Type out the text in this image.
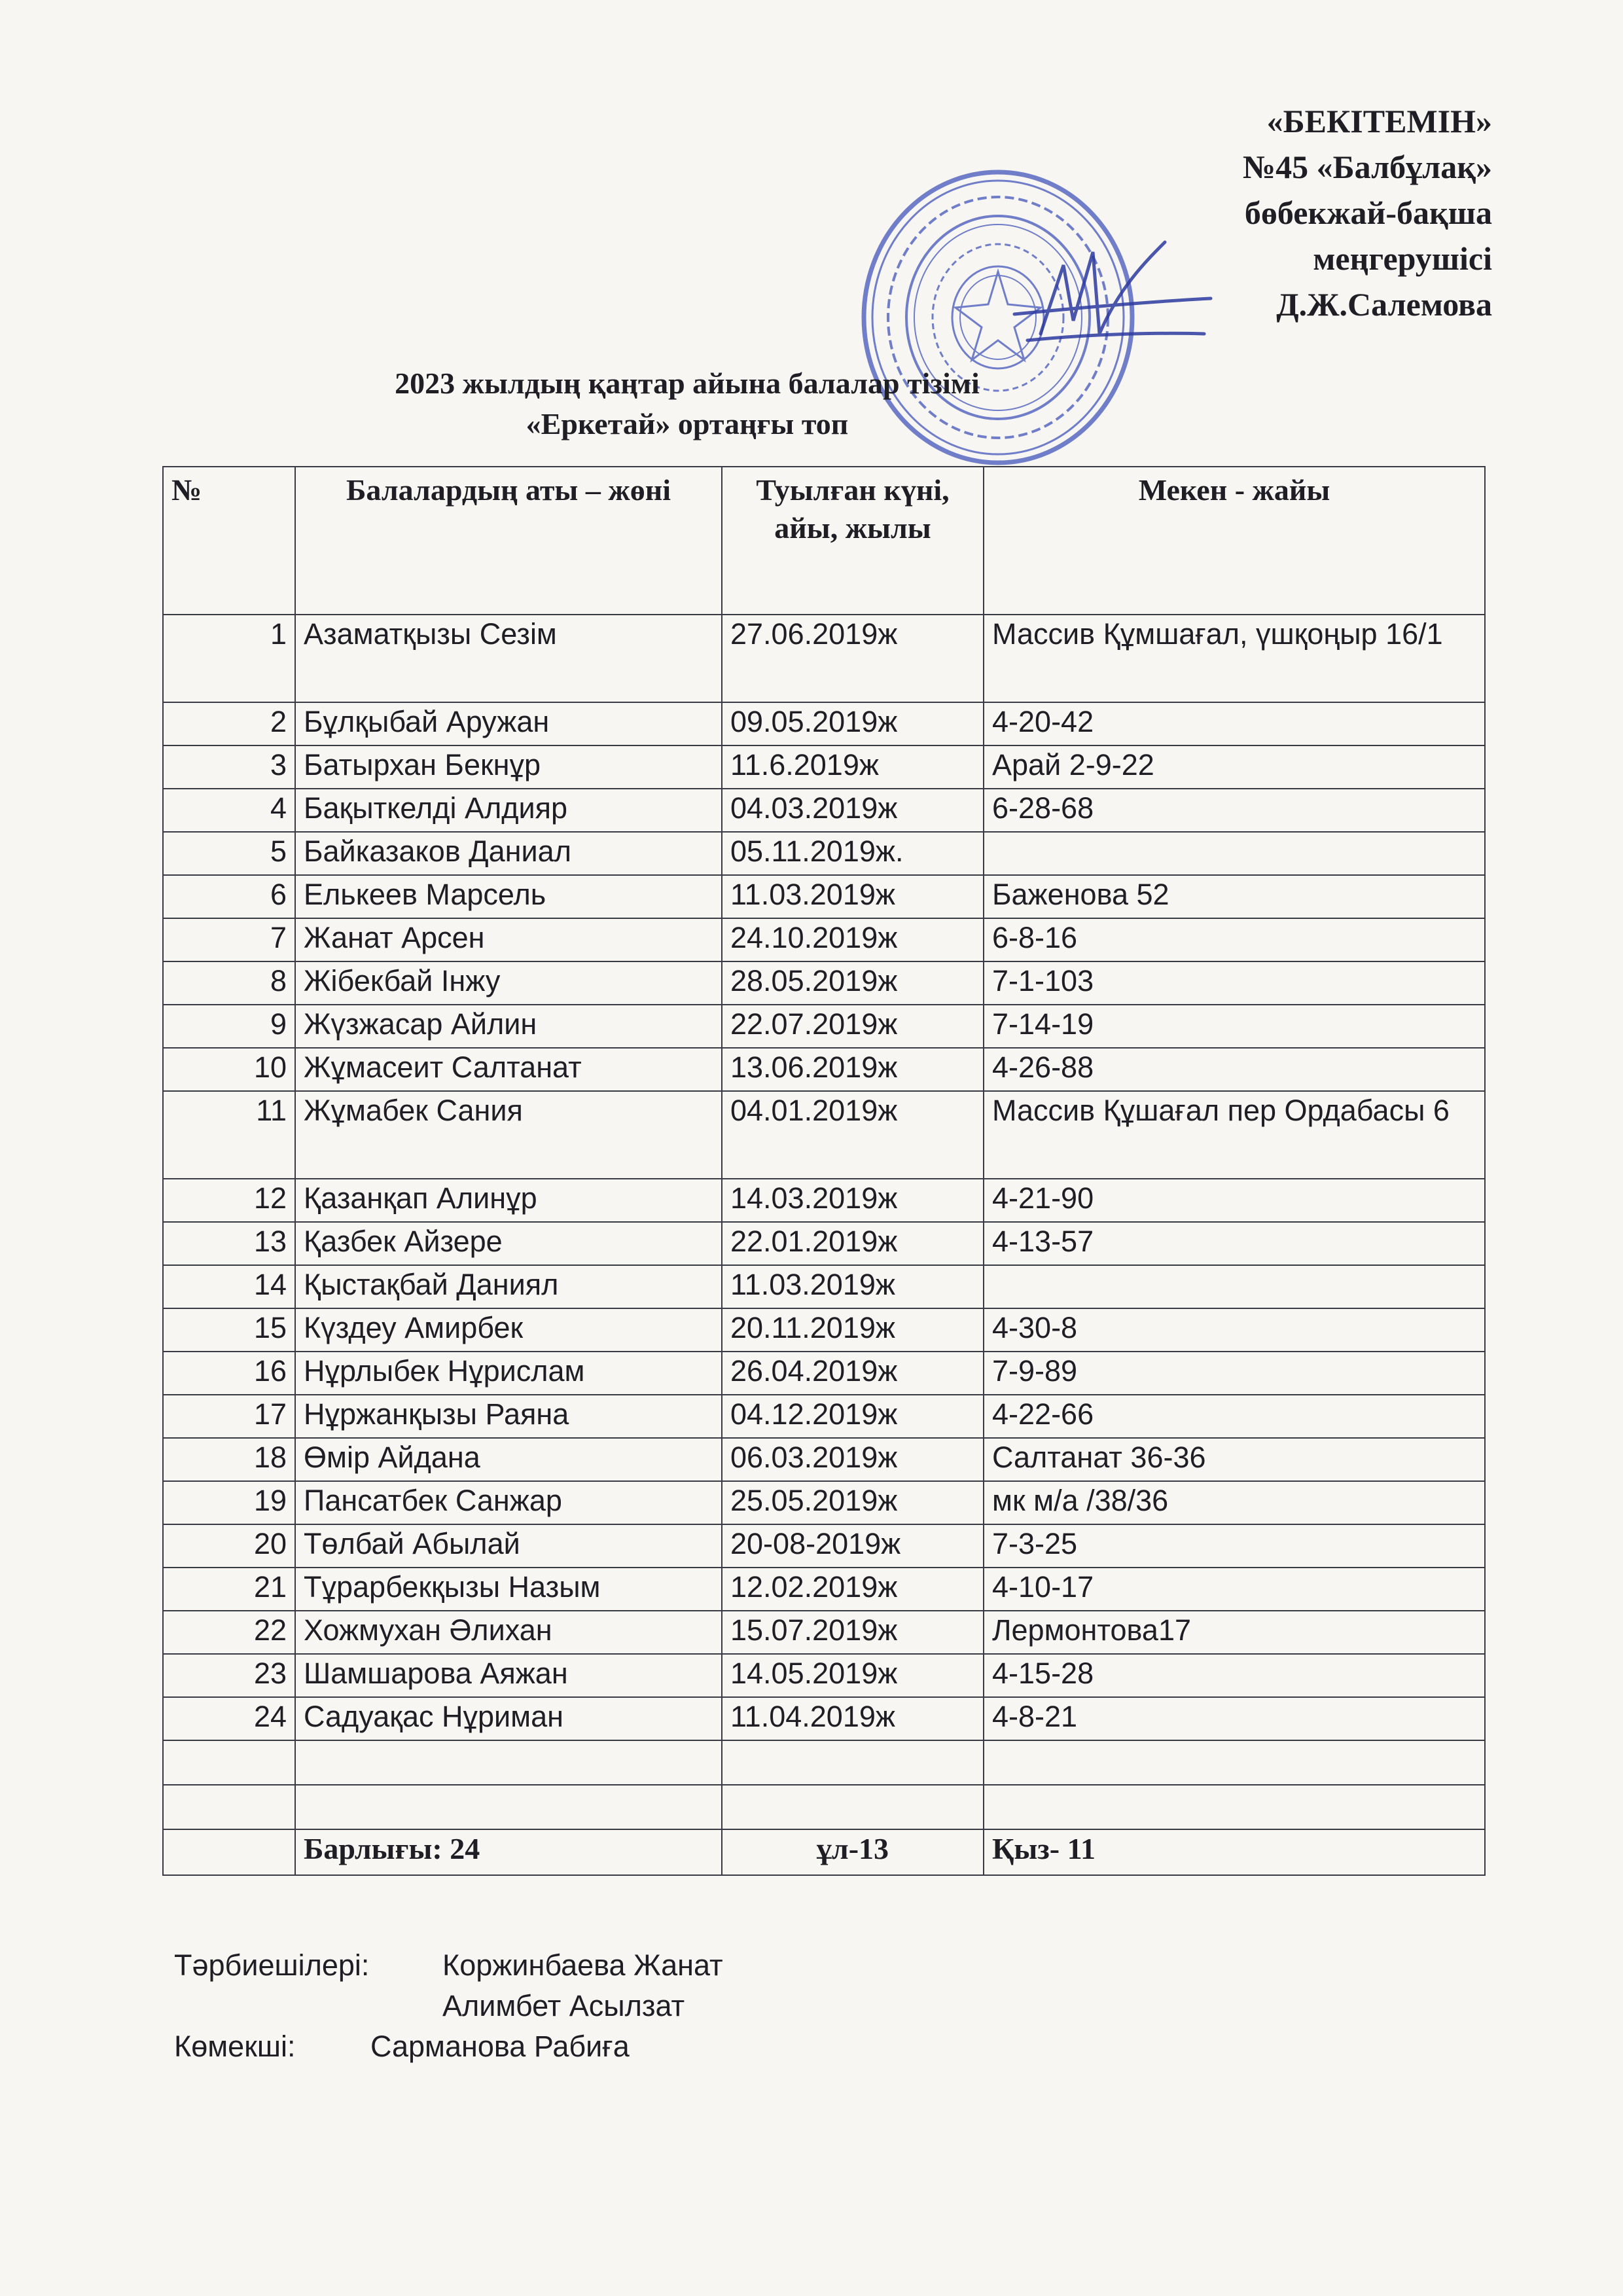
«БЕКІТЕМІН»
№45 «Балбұлақ»
бөбекжай-бақша
меңгерушісі
Д.Ж.Салемова
2023 жылдың қаңтар айына балалар тізімі
«Еркетай» ортаңғы топ
№	Балалардың аты – жөні	Туылған күні, айы, жылы	Мекен - жайы
1	Азаматқызы Сезім	27.06.2019ж	Массив Құмшағал, үшқоңыр 16/1
2	Бұлқыбай Аружан	09.05.2019ж	4-20-42
3	Батырхан Бекнұр	11.6.2019ж	Арай 2-9-22
4	Бақыткелді Алдияр	04.03.2019ж	6-28-68
5	Байказаков Даниал	05.11.2019ж.	
6	Елькеев Марсель	11.03.2019ж	Баженова 52
7	Жанат Арсен	24.10.2019ж	6-8-16
8	Жібекбай Інжу	28.05.2019ж	7-1-103
9	Жүзжасар Айлин	22.07.2019ж	7-14-19
10	Жұмасеит Салтанат	13.06.2019ж	4-26-88
11	Жұмабек Сания	04.01.2019ж	Массив Құшағал пер Ордабасы 6
12	Қазанқап Алинұр	14.03.2019ж	4-21-90
13	Қазбек Айзере	22.01.2019ж	4-13-57
14	Қыстақбай Даниял	11.03.2019ж	
15	Күздеу Амирбек	20.11.2019ж	4-30-8
16	Нұрлыбек Нұрислам	26.04.2019ж	7-9-89
17	Нұржанқызы Раяна	04.12.2019ж	4-22-66
18	Өмір Айдана	06.03.2019ж	Салтанат 36-36
19	Пансатбек Санжар	25.05.2019ж	мк м/а /38/36
20	Төлбай Абылай	20-08-2019ж	7-3-25
21	Тұрарбекқызы Назым	12.02.2019ж	4-10-17
22	Хожмухан Әлихан	15.07.2019ж	Лермонтова17
23	Шамшарова Аяжан	14.05.2019ж	4-15-28
24	Садуақас Нұриман	11.04.2019ж	4-8-21

	Барлығы: 24	ұл-13	Қыз- 11
Тәрбиешілері:	Коржинбаева Жанат
Алимбет Асылзат
Көмекші:	Сарманова Рабиға
